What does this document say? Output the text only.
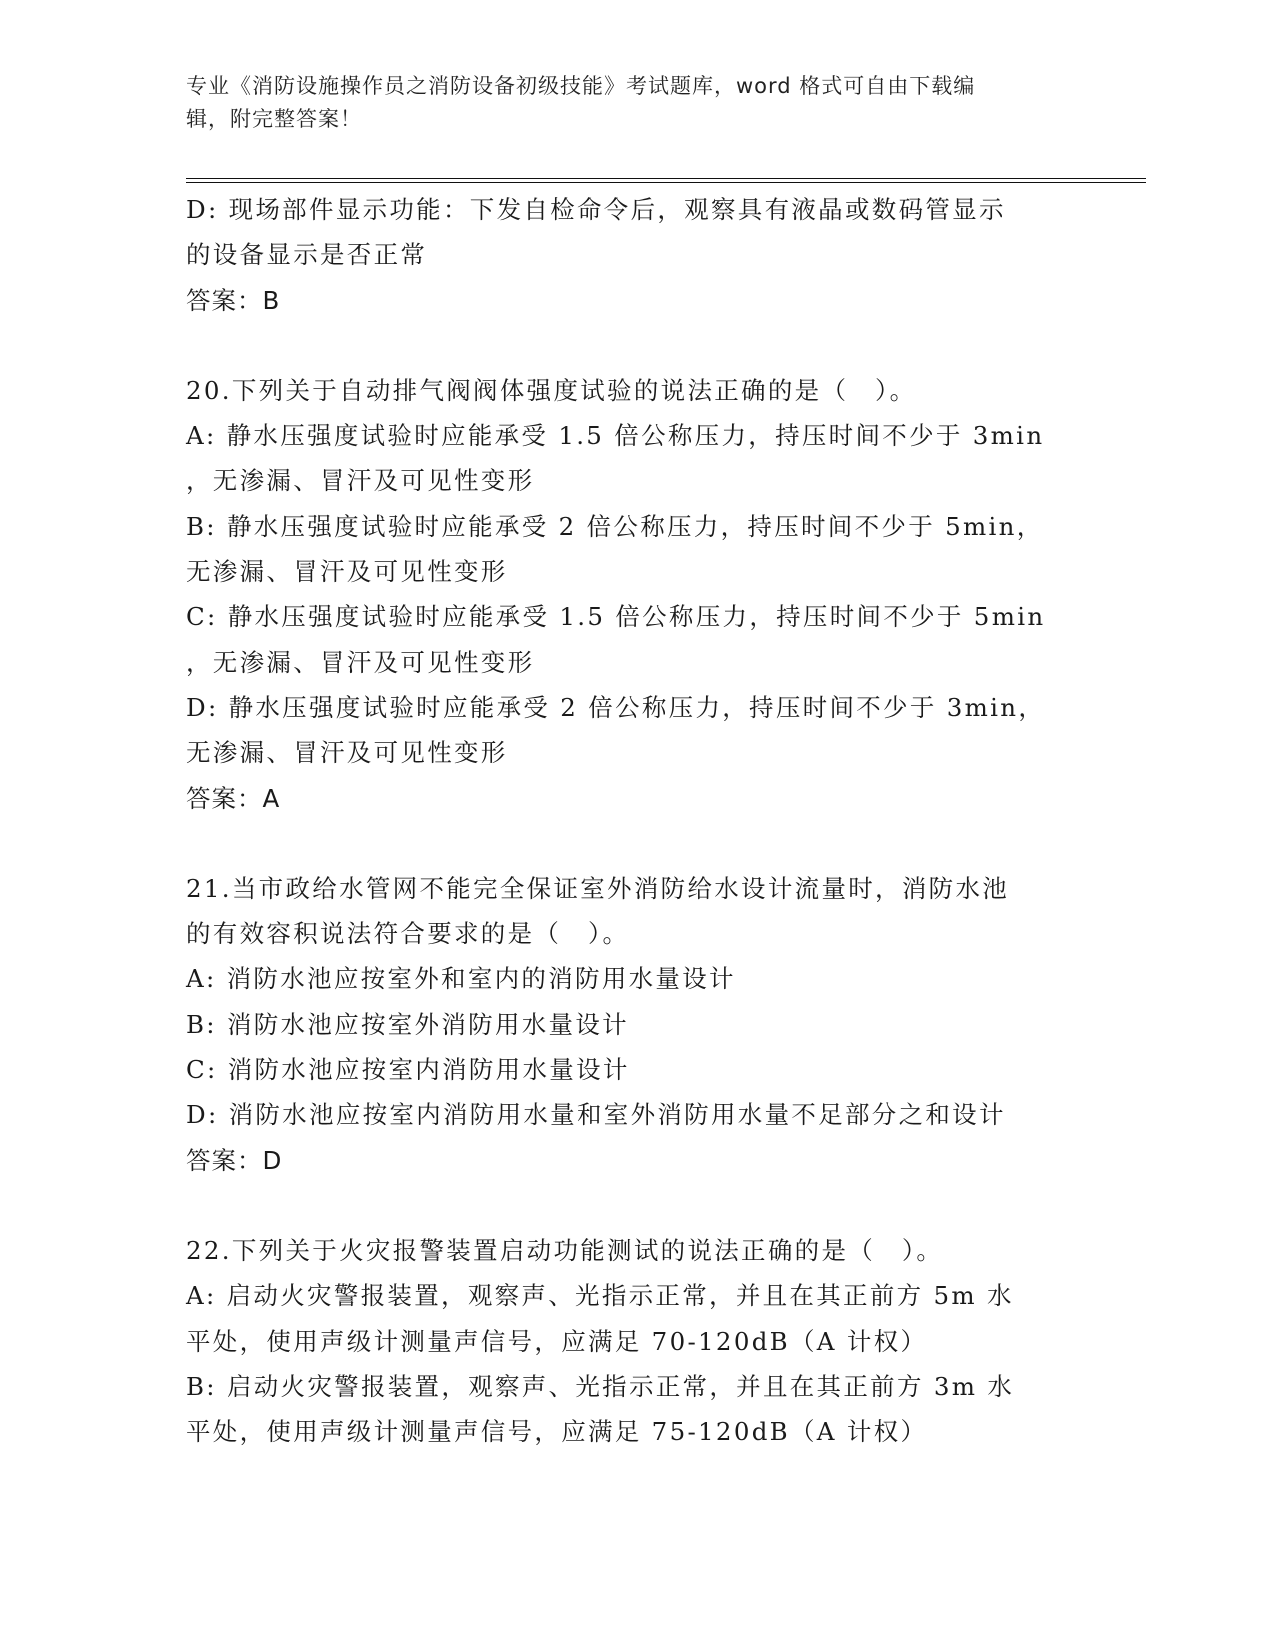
专业《消防设施操作员之消防设备初级技能》考试题库，word 格式可自由下载编
辑，附完整答案！
D: 现场部件显示功能：下发自检命令后，观察具有液晶或数码管显示
的设备显示是否正常
答案：B
20.下列关于自动排气阀阀体强度试验的说法正确的是（　）。
A: 静水压强度试验时应能承受 1.5 倍公称压力，持压时间不少于 3min
，无渗漏、冒汗及可见性变形
B: 静水压强度试验时应能承受 2 倍公称压力，持压时间不少于 5min，
无渗漏、冒汗及可见性变形
C: 静水压强度试验时应能承受 1.5 倍公称压力，持压时间不少于 5min
，无渗漏、冒汗及可见性变形
D: 静水压强度试验时应能承受 2 倍公称压力，持压时间不少于 3min，
无渗漏、冒汗及可见性变形
答案：A
21.当市政给水管网不能完全保证室外消防给水设计流量时，消防水池
的有效容积说法符合要求的是（　）。
A: 消防水池应按室外和室内的消防用水量设计
B: 消防水池应按室外消防用水量设计
C: 消防水池应按室内消防用水量设计
D: 消防水池应按室内消防用水量和室外消防用水量不足部分之和设计
答案：D
22.下列关于火灾报警装置启动功能测试的说法正确的是（　）。
A: 启动火灾警报装置，观察声、光指示正常，并且在其正前方 5m 水
平处，使用声级计测量声信号，应满足 70-120dB（A 计权）
B: 启动火灾警报装置，观察声、光指示正常，并且在其正前方 3m 水
平处，使用声级计测量声信号，应满足 75-120dB（A 计权）
